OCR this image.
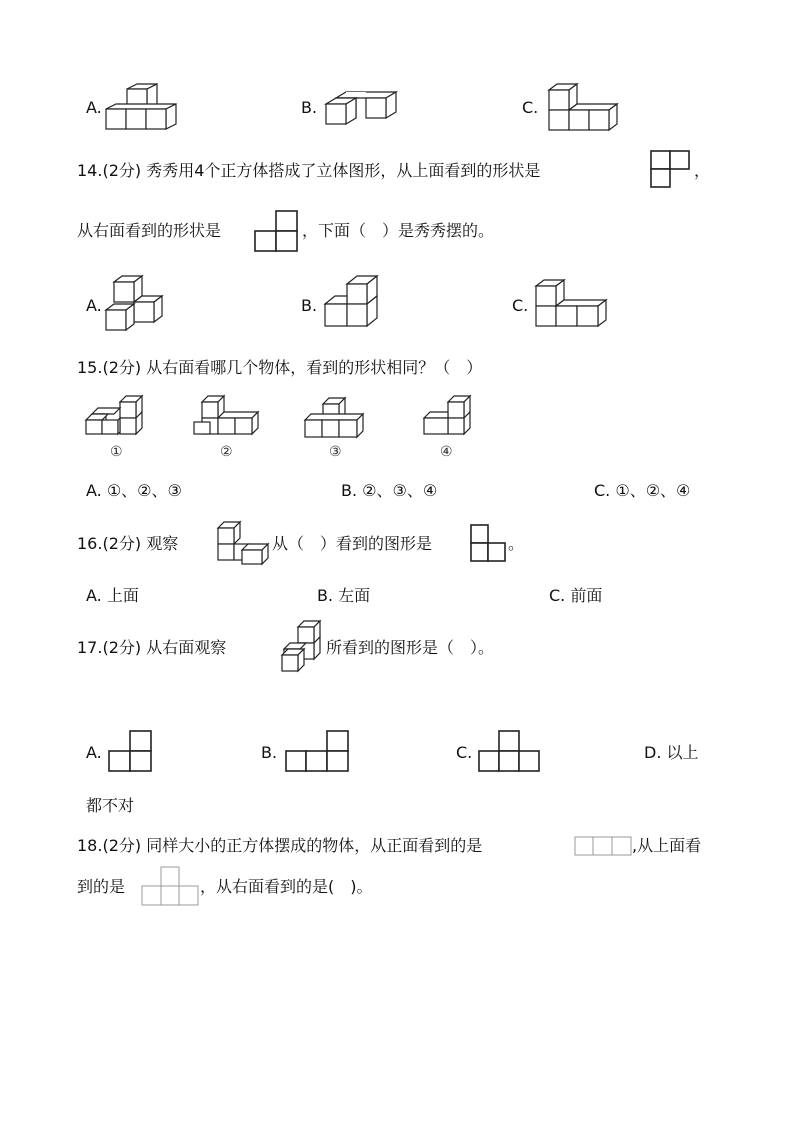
A.	B.	C.
14.(2分) 秀秀用4个正方体搭成了立体图形，从上面看到的形状是	，
从右面看到的形状是	，下面（　）是秀秀摆的。
A.	B.	C.
15.(2分) 从右面看哪几个物体，看到的形状相同？（　）
①	②	③	④
A. ①、②、③	B. ②、③、④	C. ①、②、④
16.(2分) 观察	从（　）看到的图形是	。
A. 上面	B. 左面	C. 前面
17.(2分) 从右面观察	所看到的图形是（　）。
A.	B.	C.	D. 以上
都不对
18.(2分) 同样大小的正方体摆成的物体，从正面看到的是	,从上面看
到的是	，从右面看到的是(　)。
